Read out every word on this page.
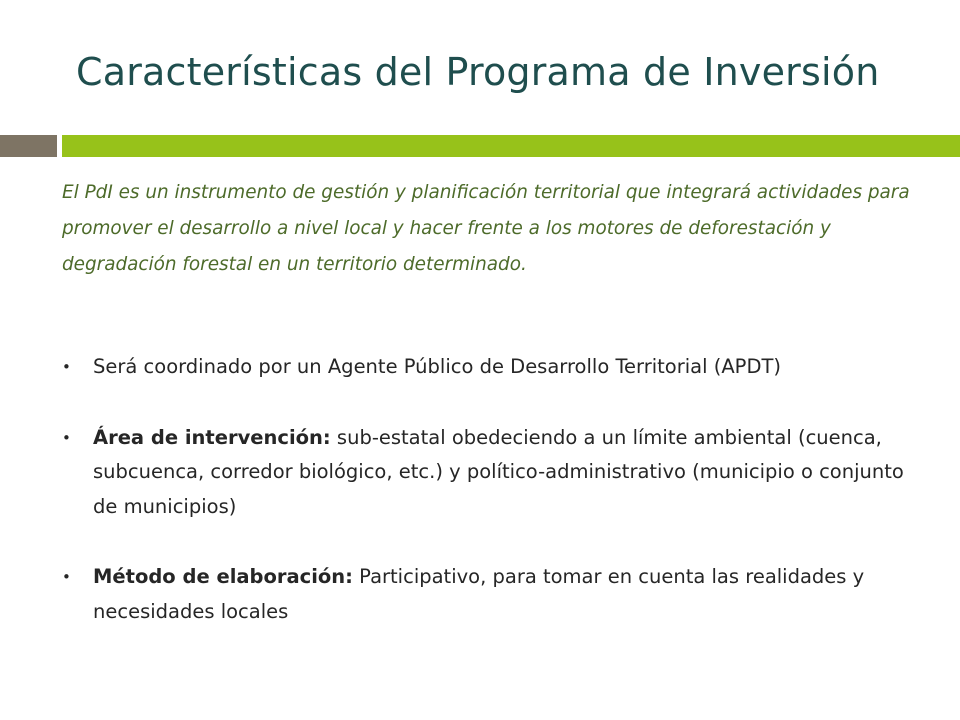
Características del Programa de Inversión

El PdI es un instrumento de gestión y planificación territorial que integrará actividades para promover el desarrollo a nivel local y hacer frente a los motores de deforestación y degradación forestal en un territorio determinado.

• Será coordinado por un Agente Público de Desarrollo Territorial (APDT)
• Área de intervención: sub-estatal obedeciendo a un límite ambiental (cuenca, subcuenca, corredor biológico, etc.) y político-administrativo (municipio o conjunto de municipios)
• Método de elaboración: Participativo, para tomar en cuenta las realidades y necesidades locales
